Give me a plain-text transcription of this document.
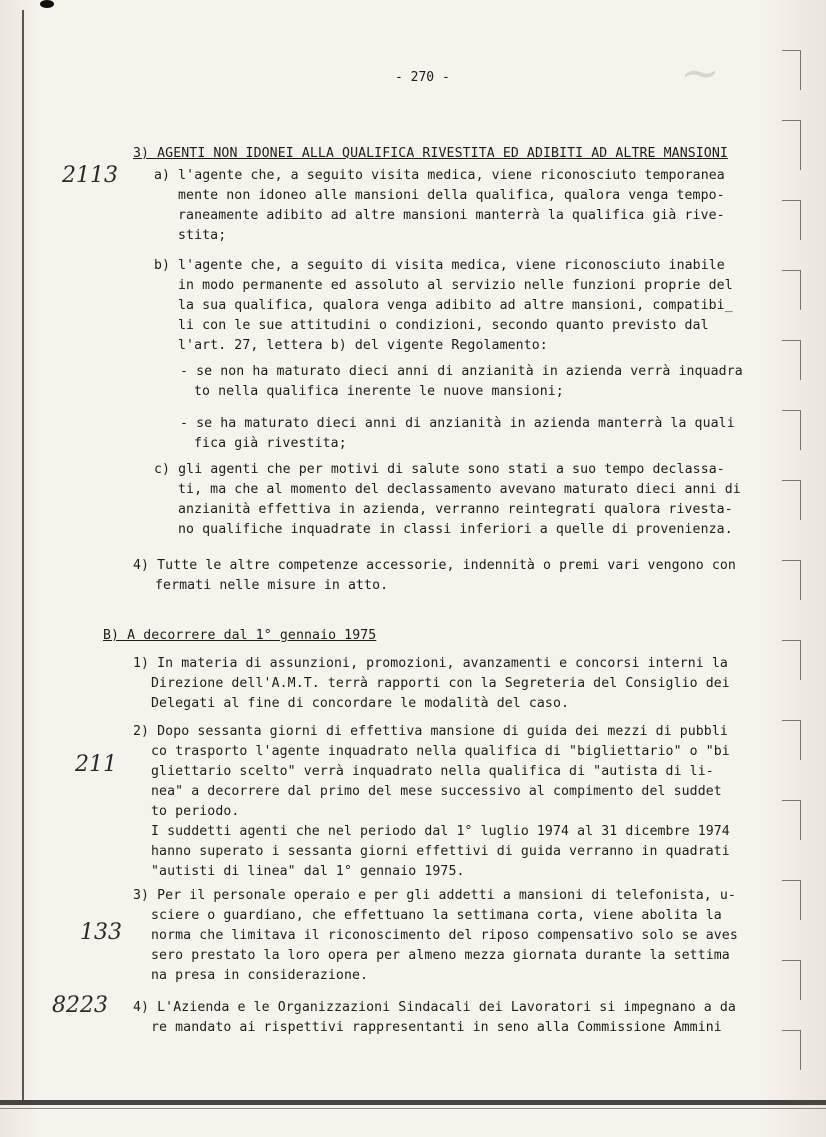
~
- 270 -
2113
211
133
8223
3) AGENTI NON IDONEI ALLA QUALIFICA RIVESTITA ED ADIBITI AD ALTRE MANSIONI
a) l'agente che, a seguito visita medica, viene riconosciuto temporanea
mente non idoneo alle mansioni della qualifica, qualora venga tempo-
raneamente adibito ad altre mansioni manterrà la qualifica già rive-
stita;
b) l'agente che, a seguito di visita medica, viene riconosciuto inabile
in modo permanente ed assoluto al servizio nelle funzioni proprie del
la sua qualifica, qualora venga adibito ad altre mansioni, compatibi_
li con le sue attitudini o condizioni, secondo quanto previsto dal
l'art. 27, lettera b) del vigente Regolamento:
- se non ha maturato dieci anni di anzianità in azienda verrà inquadra
to nella qualifica inerente le nuove mansioni;
- se ha maturato dieci anni di anzianità in azienda manterrà la quali
fica già rivestita;
c) gli agenti che per motivi di salute sono stati a suo tempo declassa-
ti, ma che al momento del declassamento avevano maturato dieci anni di
anzianità effettiva in azienda, verranno reintegrati qualora rivesta-
no qualifiche inquadrate in classi inferiori a quelle di provenienza.
4) Tutte le altre competenze accessorie, indennità o premi vari vengono con
fermati nelle misure in atto.
B) A decorrere dal 1° gennaio 1975
1) In materia di assunzioni, promozioni, avanzamenti e concorsi interni la
Direzione dell'A.M.T. terrà rapporti con la Segreteria del Consiglio dei
Delegati al fine di concordare le modalità del caso.
2) Dopo sessanta giorni di effettiva mansione di guida dei mezzi di pubbli
co trasporto l'agente inquadrato nella qualifica di "bigliettario" o "bi
gliettario scelto" verrà inquadrato nella qualifica di "autista di li-
nea" a decorrere dal primo del mese successivo al compimento del suddet
to periodo.
I suddetti agenti che nel periodo dal 1° luglio 1974 al 31 dicembre 1974
hanno superato i sessanta giorni effettivi di guida verranno in quadrati
"autisti di linea" dal 1° gennaio 1975.
3) Per il personale operaio e per gli addetti a mansioni di telefonista, u-
sciere o guardiano, che effettuano la settimana corta, viene abolita la
norma che limitava il riconoscimento del riposo compensativo solo se aves
sero prestato la loro opera per almeno mezza giornata durante la settima
na presa in considerazione.
4) L'Azienda e le Organizzazioni Sindacali dei Lavoratori si impegnano a da
re mandato ai rispettivi rappresentanti in seno alla Commissione Ammini
